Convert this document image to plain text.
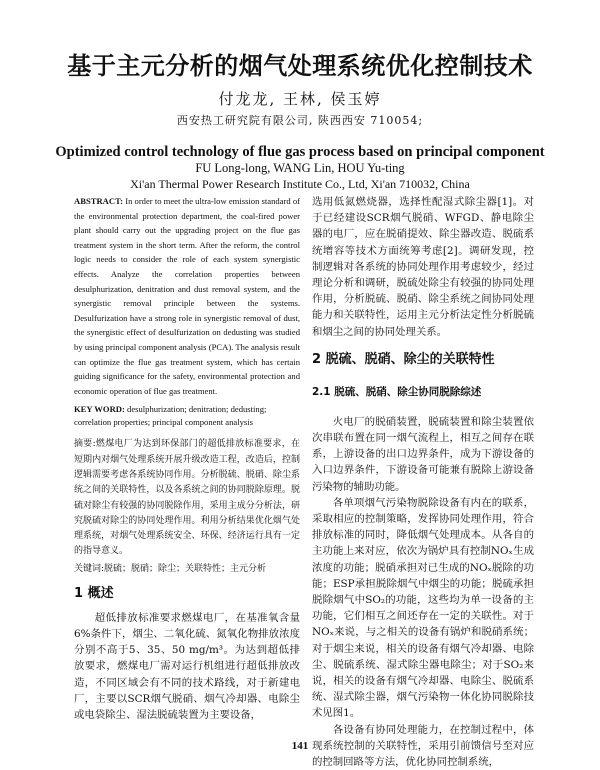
基于主元分析的烟气处理系统优化控制技术
付龙龙, 王林, 侯玉婷
西安热工研究院有限公司, 陕西西安 710054;
Optimized control technology of flue gas process based on principal component
FU Long-long, WANG Lin, HOU Yu-ting
Xi'an Thermal Power Research Institute Co., Ltd, Xi'an 710032, China

ABSTRACT: In order to meet the ultra-low emission standard of the environmental protection department, the coal-fired power plant should carry out the upgrading project on the flue gas treatment system in the short term. After the reform, the control logic needs to consider the role of each system synergistic effects. Analyze the correlation properties between desulphurization, denitration and dust removal system, and the synergistic removal principle between the systems. Desulfurization have a strong role in synergistic removal of dust, the synergistic effect of desulfurization on dedusting was studied by using principal component analysis (PCA). The analysis result can optimize the flue gas treatment system, which has certain guiding significance for the safety, environmental protection and economic operation of flue gas treatment.

KEY WORD: desulphurization; denitration; dedusting; correlation properties; principal component analysis

摘要:燃煤电厂为达到环保部门的超低排放标准要求，在短期内对烟气处理系统开展升级改造工程，改造后，控制逻辑需要考虑各系统协同作用。分析脱硫、脱硝、除尘系统之间的关联特性，以及各系统之间的协同脱除原理。脱硫对除尘有较强的协同脱除作用，采用主成分分析法，研究脱硫对除尘的协同处理作用。利用分析结果优化烟气处理系统，对烟气处理系统安全、环保、经济运行具有一定的指导意义。

关键词:脱硫；脱硝；除尘；关联特性；主元分析

1 概述

超低排放标准要求燃煤电厂，在基准氧含量6%条件下，烟尘、二氧化硫、氮氧化物排放浓度分别不高于5、35、50 mg/m³。为达到超低排放要求，燃煤电厂需对运行机组进行超低排放改造，不同区域会有不同的技术路线，对于新建电厂，主要以SCR烟气脱硝、烟气冷却器、电除尘或电袋除尘、湿法脱硫装置为主要设备，

选用低氮燃烧器，选择性配湿式除尘器[1]。对于已经建设SCR烟气脱硝、WFGD、静电除尘器的电厂，应在脱硝提效、除尘器改造、脱硫系统增容等技术方面统筹考虑[2]。调研发现，控制逻辑对各系统的协同处理作用考虑较少，经过理论分析和调研，脱硫处除尘有较强的协同处理作用，分析脱硫、脱硝、除尘系统之间协同处理能力和关联特性，运用主元分析法定性分析脱硫和烟尘之间的协同处理关系。

2 脱硫、脱硝、除尘的关联特性
2.1 脱硫、脱硝、除尘协同脱除综述

火电厂的脱硝装置，脱硫装置和除尘装置依次串联布置在同一烟气流程上，相互之间存在联系，上游设备的出口边界条件，成为下游设备的入口边界条件，下游设备可能兼有脱除上游设备污染物的辅助功能。

各单项烟气污染物脱除设备有内在的联系，采取相应的控制策略，发挥协同处理作用，符合排放标准的同时，降低烟气处理成本。从各自的主功能上来对应，依次为锅炉具有控制NOₓ生成浓度的功能；脱硝承担对已生成的NOₓ脱除的功能；ESP承担脱除烟气中烟尘的功能；脱硫承担脱除烟气中SO₂的功能，这些均为单一设备的主功能，它们相互之间还存在一定的关联性。对于NOₓ来说，与之相关的设备有锅炉和脱硝系统；对于烟尘来说，相关的设备有烟气冷却器、电除尘、脱硫系统、湿式除尘器电除尘；对于SO₂来说，相关的设备有烟气冷却器、电除尘、脱硫系统、湿式除尘器，烟气污染物一体化协同脱除技术见图1。

各设备有协同处理能力，在控制过程中，体现系统控制的关联特性，采用引前馈信号至对应的控制回路等方法，优化协同控制系统，

141
